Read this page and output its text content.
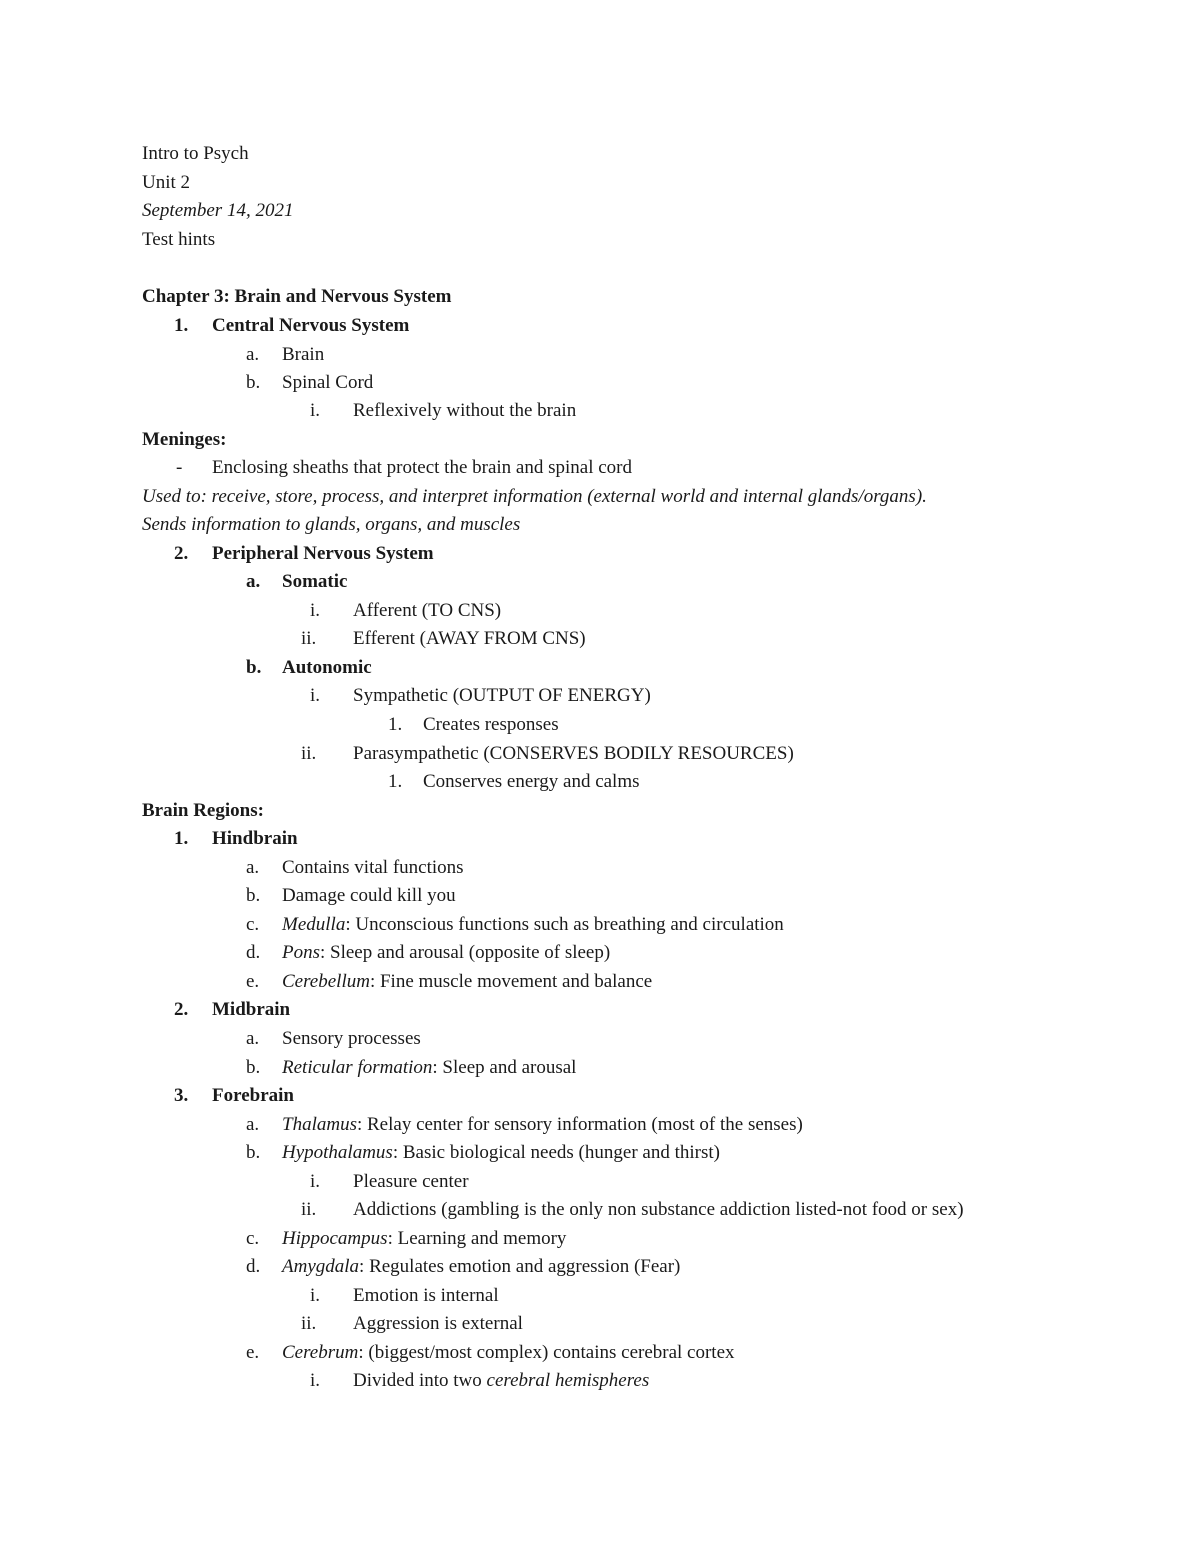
Intro to Psych
Unit 2
September 14, 2021
Test hints
Chapter 3: Brain and Nervous System
1. Central Nervous System
a. Brain
b. Spinal Cord
i. Reflexively without the brain
Meninges:
- Enclosing sheaths that protect the brain and spinal cord
Used to: receive, store, process, and interpret information (external world and internal glands/organs).
Sends information to glands, organs, and muscles
2. Peripheral Nervous System
a. Somatic
i. Afferent (TO CNS)
ii. Efferent (AWAY FROM CNS)
b. Autonomic
i. Sympathetic (OUTPUT OF ENERGY)
1. Creates responses
ii. Parasympathetic (CONSERVES BODILY RESOURCES)
1. Conserves energy and calms
Brain Regions:
1. Hindbrain
a. Contains vital functions
b. Damage could kill you
c. Medulla: Unconscious functions such as breathing and circulation
d. Pons: Sleep and arousal (opposite of sleep)
e. Cerebellum: Fine muscle movement and balance
2. Midbrain
a. Sensory processes
b. Reticular formation: Sleep and arousal
3. Forebrain
a. Thalamus: Relay center for sensory information (most of the senses)
b. Hypothalamus: Basic biological needs (hunger and thirst)
i. Pleasure center
ii. Addictions (gambling is the only non substance addiction listed-not food or sex)
c. Hippocampus: Learning and memory
d. Amygdala: Regulates emotion and aggression (Fear)
i. Emotion is internal
ii. Aggression is external
e. Cerebrum: (biggest/most complex) contains cerebral cortex
i. Divided into two cerebral hemispheres
